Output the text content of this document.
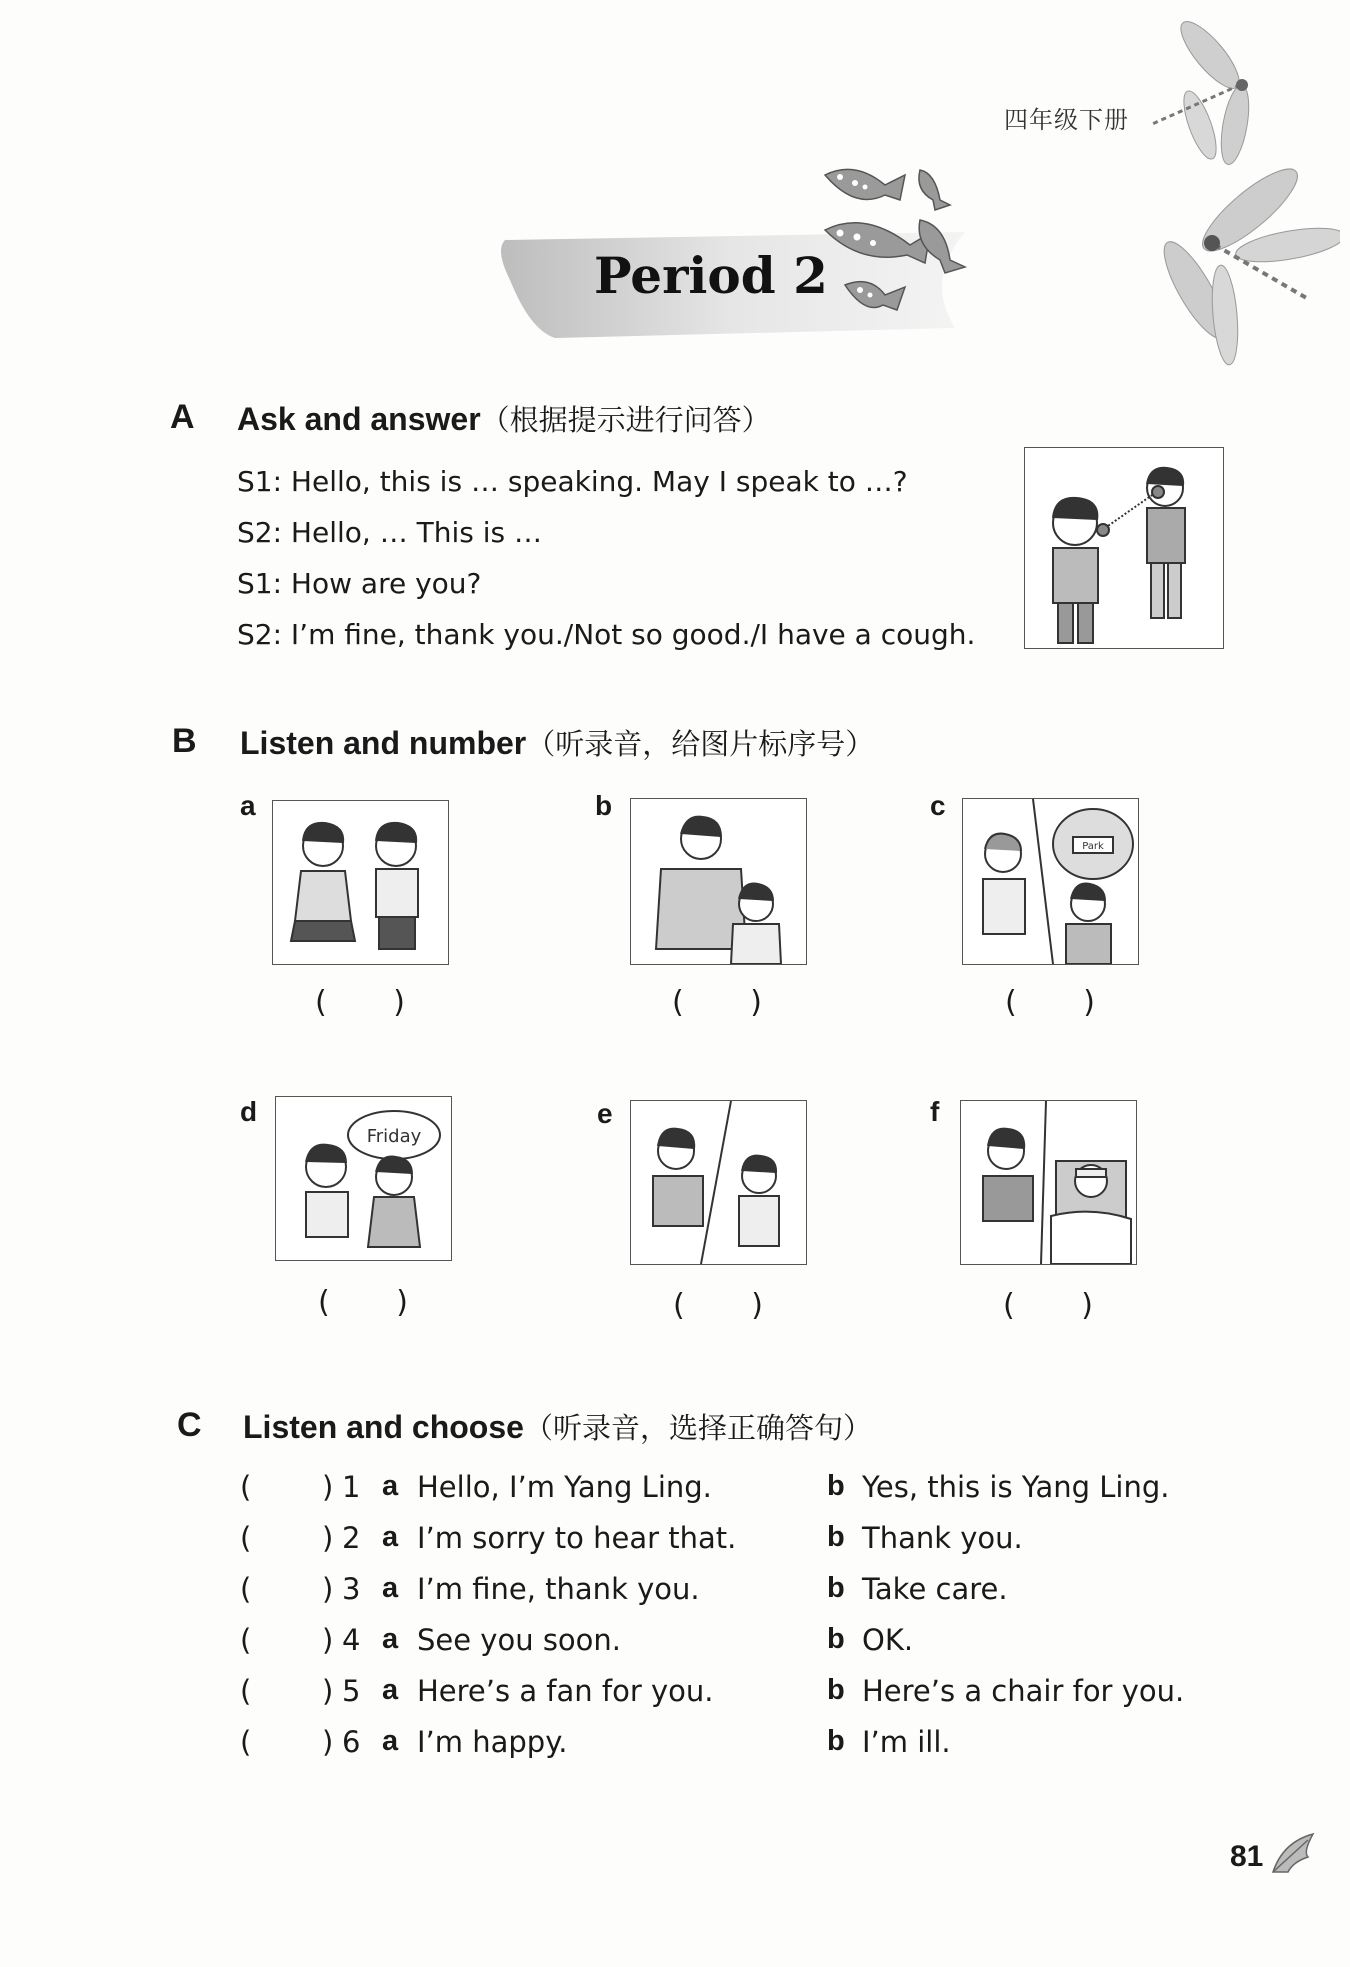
四年级下册
Period 2
A Ask and answer（根据提示进行问答）
S1: Hello, this is … speaking. May I speak to …?
S2: Hello, … This is …
S1: How are you?
S2: I’m fine, thank you./Not so good./I have a cough.
B Listen and number（听录音，给图片标序号）
a
( )
b
( )
c
Park
( )
d
Friday
( )
e
( )
f
( )
C Listen and choose（听录音，选择正确答句）
( ) 1 a Hello, I’m Yang Ling.	b Yes, this is Yang Ling.
( ) 2 a I’m sorry to hear that.	b Thank you.
( ) 3 a I’m fine, thank you.	b Take care.
( ) 4 a See you soon.	b OK.
( ) 5 a Here’s a fan for you.	b Here’s a chair for you.
( ) 6 a I’m happy.	b I’m ill.
81
